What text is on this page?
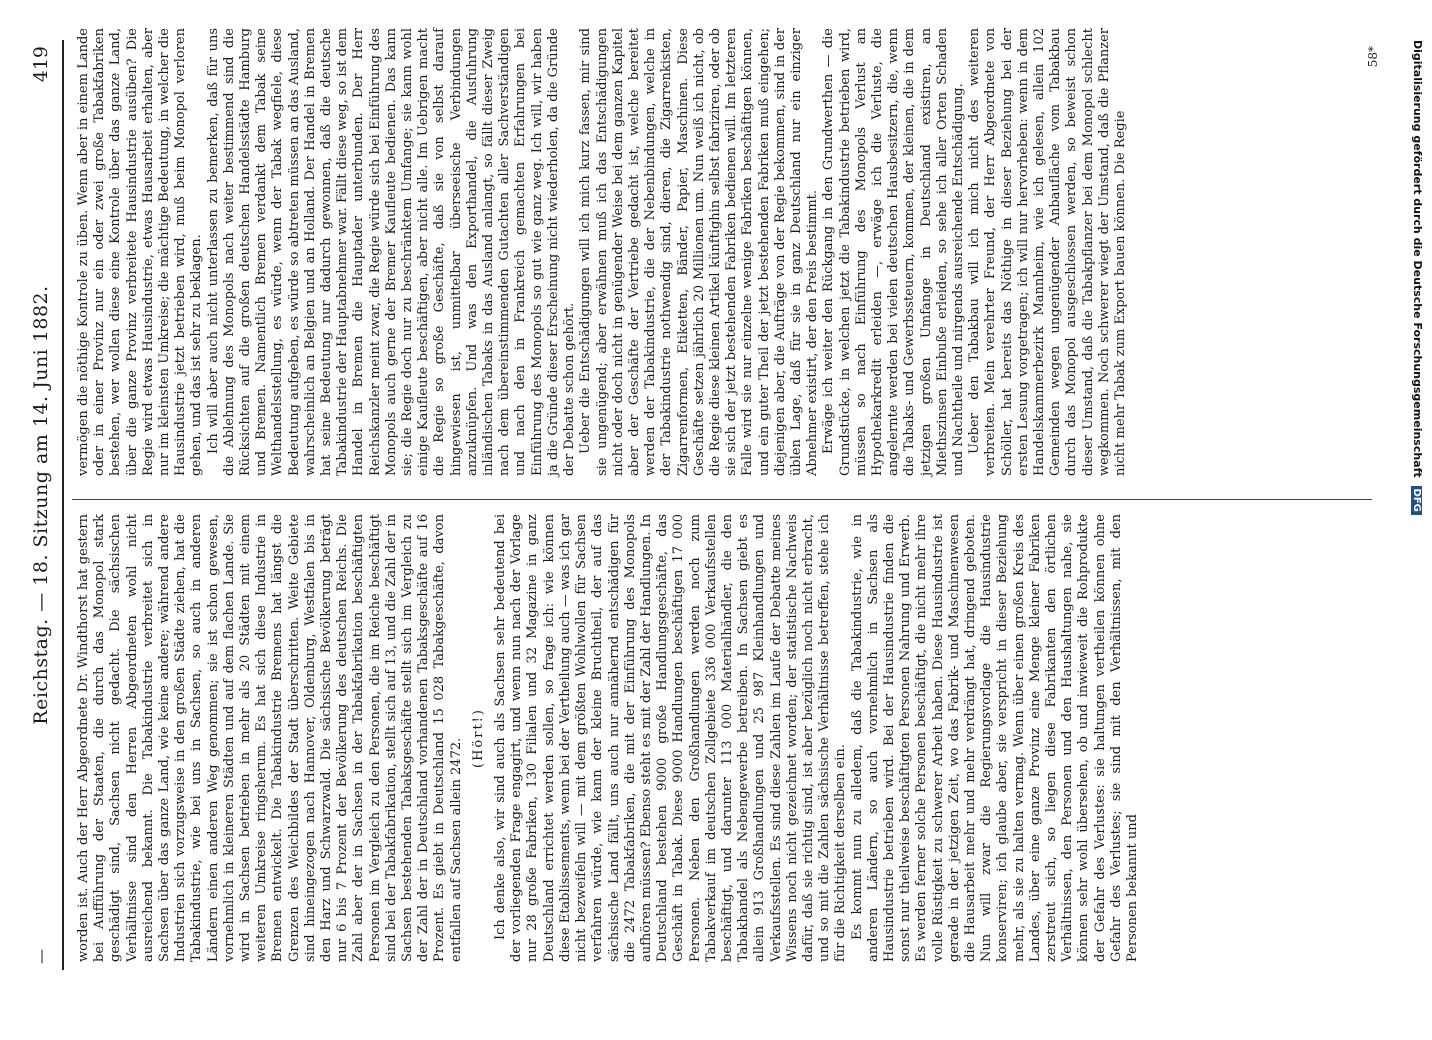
—
Reichstag. — 18. Sitzung am 14. Juni 1882.
419

worden ist. Auch der Herr Abgeordnete Dr. Windthorst hat gestern bei Aufführung der Staaten, die durch das Monopol stark geschädigt sind, Sachsen nicht gedacht. Die sächsischen Verhältnisse sind den Herren Abgeordneten wohl nicht ausreichend bekannt. Die Tabakindustrie verbreitet sich in Sachsen über das ganze Land, wie keine andere; während andere Industrien sich vorzugsweise in den großen Städte ziehen, hat die Tabakindustrie, wie bei uns in Sachsen, so auch in anderen Ländern einen anderen Weg genommen; sie ist schon gewesen, vornehmlich in kleineren Städten und auf dem flachen Lande. Sie wird in Sachsen betrieben in mehr als 20 Städten mit einem weiteren Umkreise ringsherum. Es hat sich diese Industrie in Bremen entwickelt. Die Tabakindustrie Bremens hat längst die Grenzen des Weichbildes der Stadt überschritten. Weite Gebiete sind hineingezogen nach Hannover, Oldenburg, Westfalen bis in den Harz und Schwarzwald. Die sächsische Bevölkerung beträgt nur 6 bis 7 Prozent der Bevölkerung des deutschen Reichs. Die Zahl aber der in Sachsen in der Tabakfabrikation beschäftigten Personen im Vergleich zu den Personen, die im Reiche beschäftigt sind bei der Tabakfabrikation, stellt sich auf 13, und die Zahl der in Sachsen bestehenden Tabaksgeschäfte stellt sich im Vergleich zu der Zahl der in Deutschland vorhandenen Tabaksgeschäfte auf 16 Prozent. Es giebt in Deutschland 15 028 Tabakgeschäfte, davon entfallen auf Sachsen allein 2472. (Hört!) Ich denke also, wir sind auch als Sachsen sehr bedeutend bei der vorliegenden Frage engagirt, und wenn nun nach der Vorlage nur 28 große Fabriken, 130 Filialen und 32 Magazine in ganz Deutschland errichtet werden sollen, so frage ich: wie können diese Etablissements, wenn bei der Vertheilung auch — was ich gar nicht bezweifeln will — mit dem größten Wohlwollen für Sachsen verfahren würde, wie kann der kleine Bruchtheil, der auf das sächsische Land fällt, uns auch nur annähernd entschädigen für die 2472 Tabakfabriken, die mit der Einführung des Monopols aufhören müssen? Ebenso steht es mit der Zahl der Handlungen. In Deutschland bestehen 9000 große Handlungsgeschäfte, das Geschäft in Tabak. Diese 9000 Handlungen beschäftigen 17 000 Personen. Neben den Großhandlungen werden noch zum Tabakverkauf im deutschen Zollgebiete 336 000 Verkaufsstellen beschäftigt, und darunter 113 000 Materialhändler, die den Tabakhandel als Nebengewerbe betreiben. In Sachsen giebt es allein 913 Großhandlungen und 25 987 Kleinhandlungen und Verkaufsstellen. Es sind diese Zahlen im Laufe der Debatte meines Wissens noch nicht gezeichnet worden; der statistische Nachweis dafür, daß sie richtig sind, ist aber bezüglich noch nicht erbracht, und so mit die Zahlen sächsische Verhältnisse betreffen, stehe ich für die Richtigkeit derselben ein. Es kommt nun zu alledem, daß die Tabakindustrie, wie in anderen Ländern, so auch vornehmlich in Sachsen als Hausindustrie betrieben wird. Bei der Hausindustrie finden die sonst nur theilweise beschäftigten Personen Nahrung und Erwerb. Es werden ferner solche Personen beschäftigt, die nicht mehr ihre volle Rüstigkeit zu schwerer Arbeit haben. Diese Hausindustrie ist gerade in der jetzigen Zeit, wo das Fabrik- und Maschinenwesen die Hausarbeit mehr und mehr verdrängt hat, dringend geboten. Nun will zwar die Regierungsvorlage die Hausindustrie konserviren; ich glaube aber, sie verspricht in dieser Beziehung mehr, als sie zu halten vermag. Wenn über einen großen Kreis des Landes, über eine ganze Provinz eine Menge kleiner Fabriken zerstreut sich, so liegen diese Fabrikanten den örtlichen Verhältnissen, den Personen und den Haushaltungen nahe, sie können sehr wohl übersehen, ob und inwieweit die Rohprodukte der Gefahr des Verlustes: sie haltungen vertheilen können ohne Gefahr des Verlustes; sie sind mit den Verhältnissen, mit den Personen bekannt und

vermögen die nöthige Kontrole zu üben. Wenn aber in einem Lande oder in einer Provinz nur ein oder zwei große Tabakfabriken bestehen, wer wollen diese eine Kontrole über das ganze Land, über die ganze Provinz verbreitete Hausindustrie ausüben? Die Regie wird etwas Hausindustrie, etwas Hausarbeit erhalten, aber nur im kleinsten Umkreise; die mächtige Bedeutung, in welcher die Hausindustrie jetzt betrieben wird, muß beim Monopol verloren gehen, und das ist sehr zu beklagen. Ich will aber auch nicht unterlassen zu bemerken, daß für uns die Ablehnung des Monopols nach weiter bestimmend sind die Rücksichten auf die großen deutschen Handelsstädte Hamburg und Bremen. Namentlich Bremen verdankt dem Tabak seine Welthandelsstellung, es würde, wenn der Tabak wegfiele, diese Bedeutung aufgeben, es würde so abtreten müssen an das Ausland, wahrscheinlich an Belgien und an Holland. Der Handel in Bremen hat seine Bedeutung nur dadurch gewonnen, daß die deutsche Tabakindustrie der Hauptabnehmer war. Fällt diese weg, so ist dem Handel in Bremen die Hauptader unterbunden. Der Herr Reichskanzler meint zwar, die Regie würde sich bei Einführung des Monopols auch gerne der Bremer Kaufleute bedienen. Das kann sie; die Regie doch nur zu beschränktem Umfange; sie kann wohl einige Kaufleute beschäftigen, aber nicht alle. Im Uebrigen macht die Regie so große Geschäfte, daß sie von selbst darauf hingewiesen ist, unmittelbar überseeische Verbindungen anzuknüpfen. Und was den Exporthandel, die Ausfuhrung inländischen Tabaks in das Ausland anlangt, so fällt dieser Zweig nach dem übereinstimmenden Gutachten aller Sachverständigen und nach den in Frankreich gemachten Erfahrungen bei Einführung des Monopols so gut wie ganz weg. Ich will, wir haben ja die Gründe dieser Erscheinung nicht wiederholen, da die Gründe der Debatte schon gehört. Ueber die Entschädigungen will ich mich kurz fassen, mir sind sie ungenügend; aber erwähnen muß ich das Entschädigungen nicht oder doch nicht in genügender Weise bei dem ganzen Kapitel aber der Geschäfte der Vertriebe gedacht ist, welche bereitet werden der Tabakindustrie, die der Nebenbindungen, welche in der Tabakindustrie nothwendig sind, dieren, die Zigarrenkisten, Zigarrenformen, Etiketten, Bänder, Papier, Maschinen. Diese Geschäfte setzen jährlich 20 Millionen um. Nun weiß ich nicht, ob die Regie diese kleinen Artikel künftighin selbst fabriziren, oder ob sie sich der jetzt bestehenden Fabriken bedienen will. Im letzteren Falle wird sie nur einzelne wenige Fabriken beschäftigen können, und ein guter Theil der jetzt bestehenden Fabriken muß eingehen; diejenigen aber, die Aufträge von der Regie bekommen, sind in der üblen Lage, daß für sie in ganz Deutschland nur ein einziger Abnehmer existirt, der den Preis bestimmt. Erwäge ich weiter den Rückgang in den Grundwerthen — die Grundstücke, in welchen jetzt die Tabakindustrie betrieben wird, müssen so nach Einführung des Monopols Verlust an Hypothekarkredit erleiden —, erwäge ich die Verluste, die angelernte werden bei vielen deutschen Hausbesitzern, die, wenn die Tabaks- und Gewerbssteuern, kommen, der kleinen, die in dem jetzigen großen Umfange in Deutschland existiren, an Miethszinsen Einbuße erleiden, so sehe ich aller Orten Schaden und Nachtheile und nirgends ausreichende Entschädigung. Ueber den Tabakbau will ich mich nicht des weiteren verbreiten. Mein verehrter Freund, der Herr Abgeordnete von Schöller, hat bereits das Nöthige in dieser Beziehung bei der ersten Lesung vorgetragen; ich will nur hervorheben: wenn in dem Handelskammerbezirk Mannheim, wie ich gelesen, allein 102 Gemeinden wegen ungenügender Anbaufläche vom Tabakbau durch das Monopol ausgeschlossen werden, so beweist schon dieser Umstand, daß die Tabakpflanzer bei dem Monopol schlecht wegkommen. Noch schwerer wiegt der Umstand, daß die Pflanzer nicht mehr Tabak zum Export bauen können. Die Regie

58*	Digitalisierung gefördert durch die Deutsche Forschungsgemeinschaft DFG
